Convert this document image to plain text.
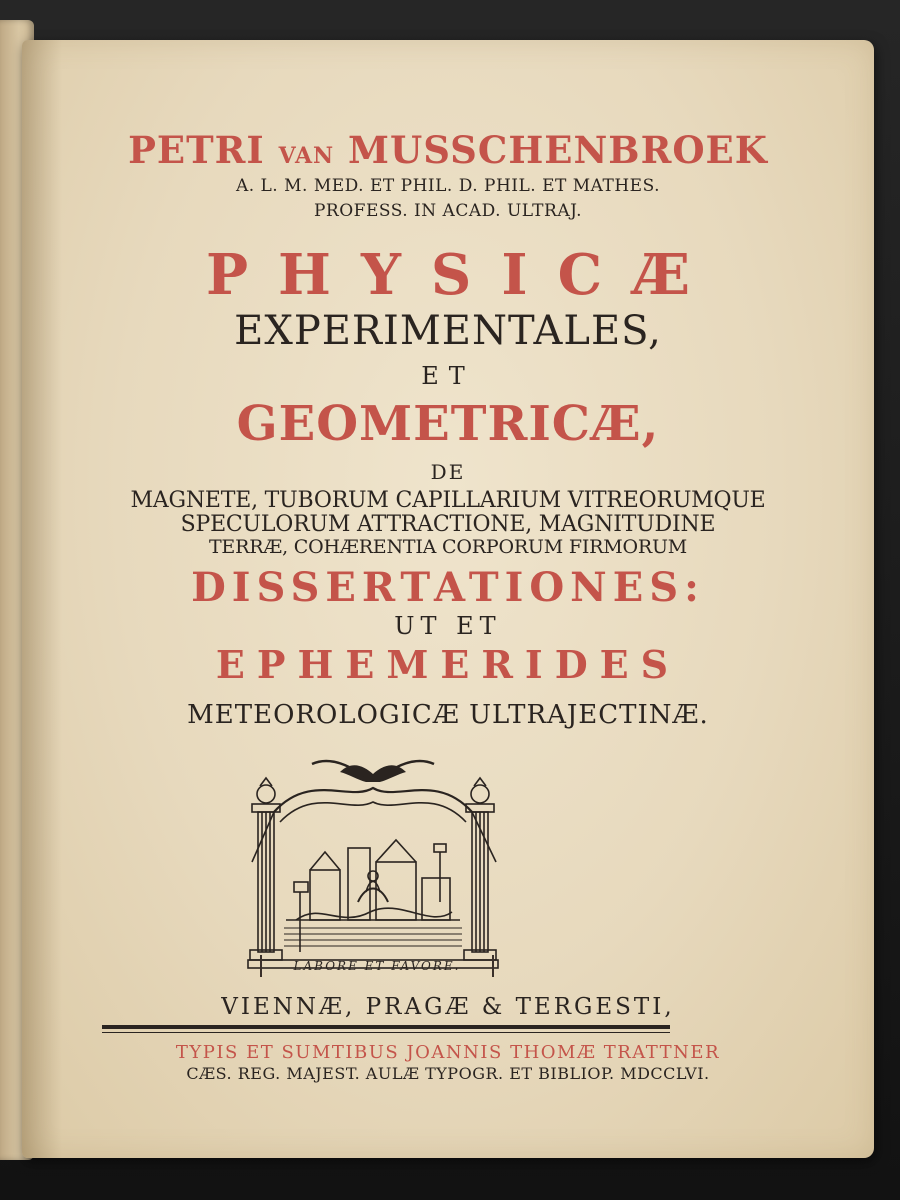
PETRI VAN MUSSCHENBROEK

A. L. M. MED. ET PHIL. D. PHIL. ET MATHES.

PROFESS. IN ACAD. ULTRAJ.

PHYSICÆ

EXPERIMENTALES,

ET

GEOMETRICÆ,

DE

MAGNETE, TUBORUM CAPILLARIUM VITREORUMQUE

SPECULORUM ATTRACTIONE, MAGNITUDINE

TERRÆ, COHÆRENTIA CORPORUM FIRMORUM

DISSERTATIONES:

UT ET

EPHEMERIDES

METEOROLOGICÆ ULTRAJECTINÆ.

LABORE ET FAVORE.

VIENNÆ, PRAGÆ & TERGESTI,

TYPIS ET SUMTIBUS JOANNIS THOMÆ TRATTNER

CÆS. REG. MAJEST. AULÆ TYPOGR. ET BIBLIOP. MDCCLVI.
